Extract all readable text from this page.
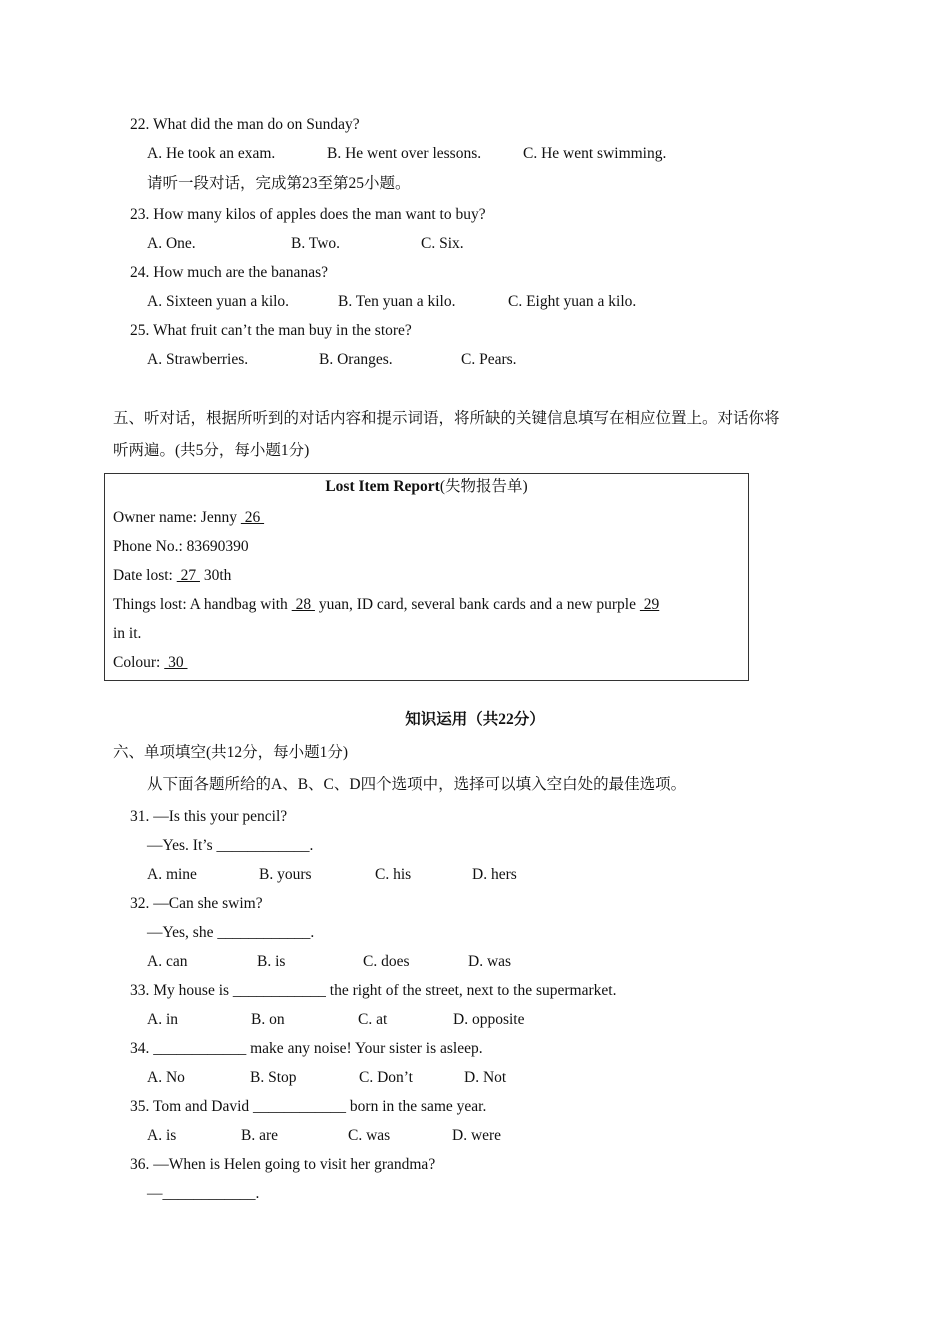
22. What did the man do on Sunday?
A. He took an exam.	B. He went over lessons.	C. He went swimming.
请听一段对话，完成第23至第25小题。
23. How many kilos of apples does the man want to buy?
A. One.	B. Two.	C. Six.
24. How much are the bananas?
A. Sixteen yuan a kilo.	B. Ten yuan a kilo.	C. Eight yuan a kilo.
25. What fruit can’t the man buy in the store?
A. Strawberries.	B. Oranges.	C. Pears.
五、听对话，根据所听到的对话内容和提示词语，将所缺的关键信息填写在相应位置上。对话你将
听两遍。(共5分，每小题1分)
Lost Item Report(失物报告单)
Owner name: Jenny  26
Phone No.: 83690390
Date lost:  27  30th
Things lost: A handbag with  28  yuan, ID card, several bank cards and a new purple  29
in it.
Colour:  30
知识运用（共22分）
六、单项填空(共12分，每小题1分)
从下面各题所给的A、B、C、D四个选项中，选择可以填入空白处的最佳选项。
31. —Is this your pencil?
—Yes. It’s ____________.
A. mine	B. yours	C. his	D. hers
32. —Can she swim?
—Yes, she ____________.
A. can	B. is	C. does	D. was
33. My house is ____________ the right of the street, next to the supermarket.
A. in	B. on	C. at	D. opposite
34. ____________ make any noise! Your sister is asleep.
A. No	B. Stop	C. Don’t	D. Not
35. Tom and David ____________ born in the same year.
A. is	B. are	C. was	D. were
36. —When is Helen going to visit her grandma?
—____________.
